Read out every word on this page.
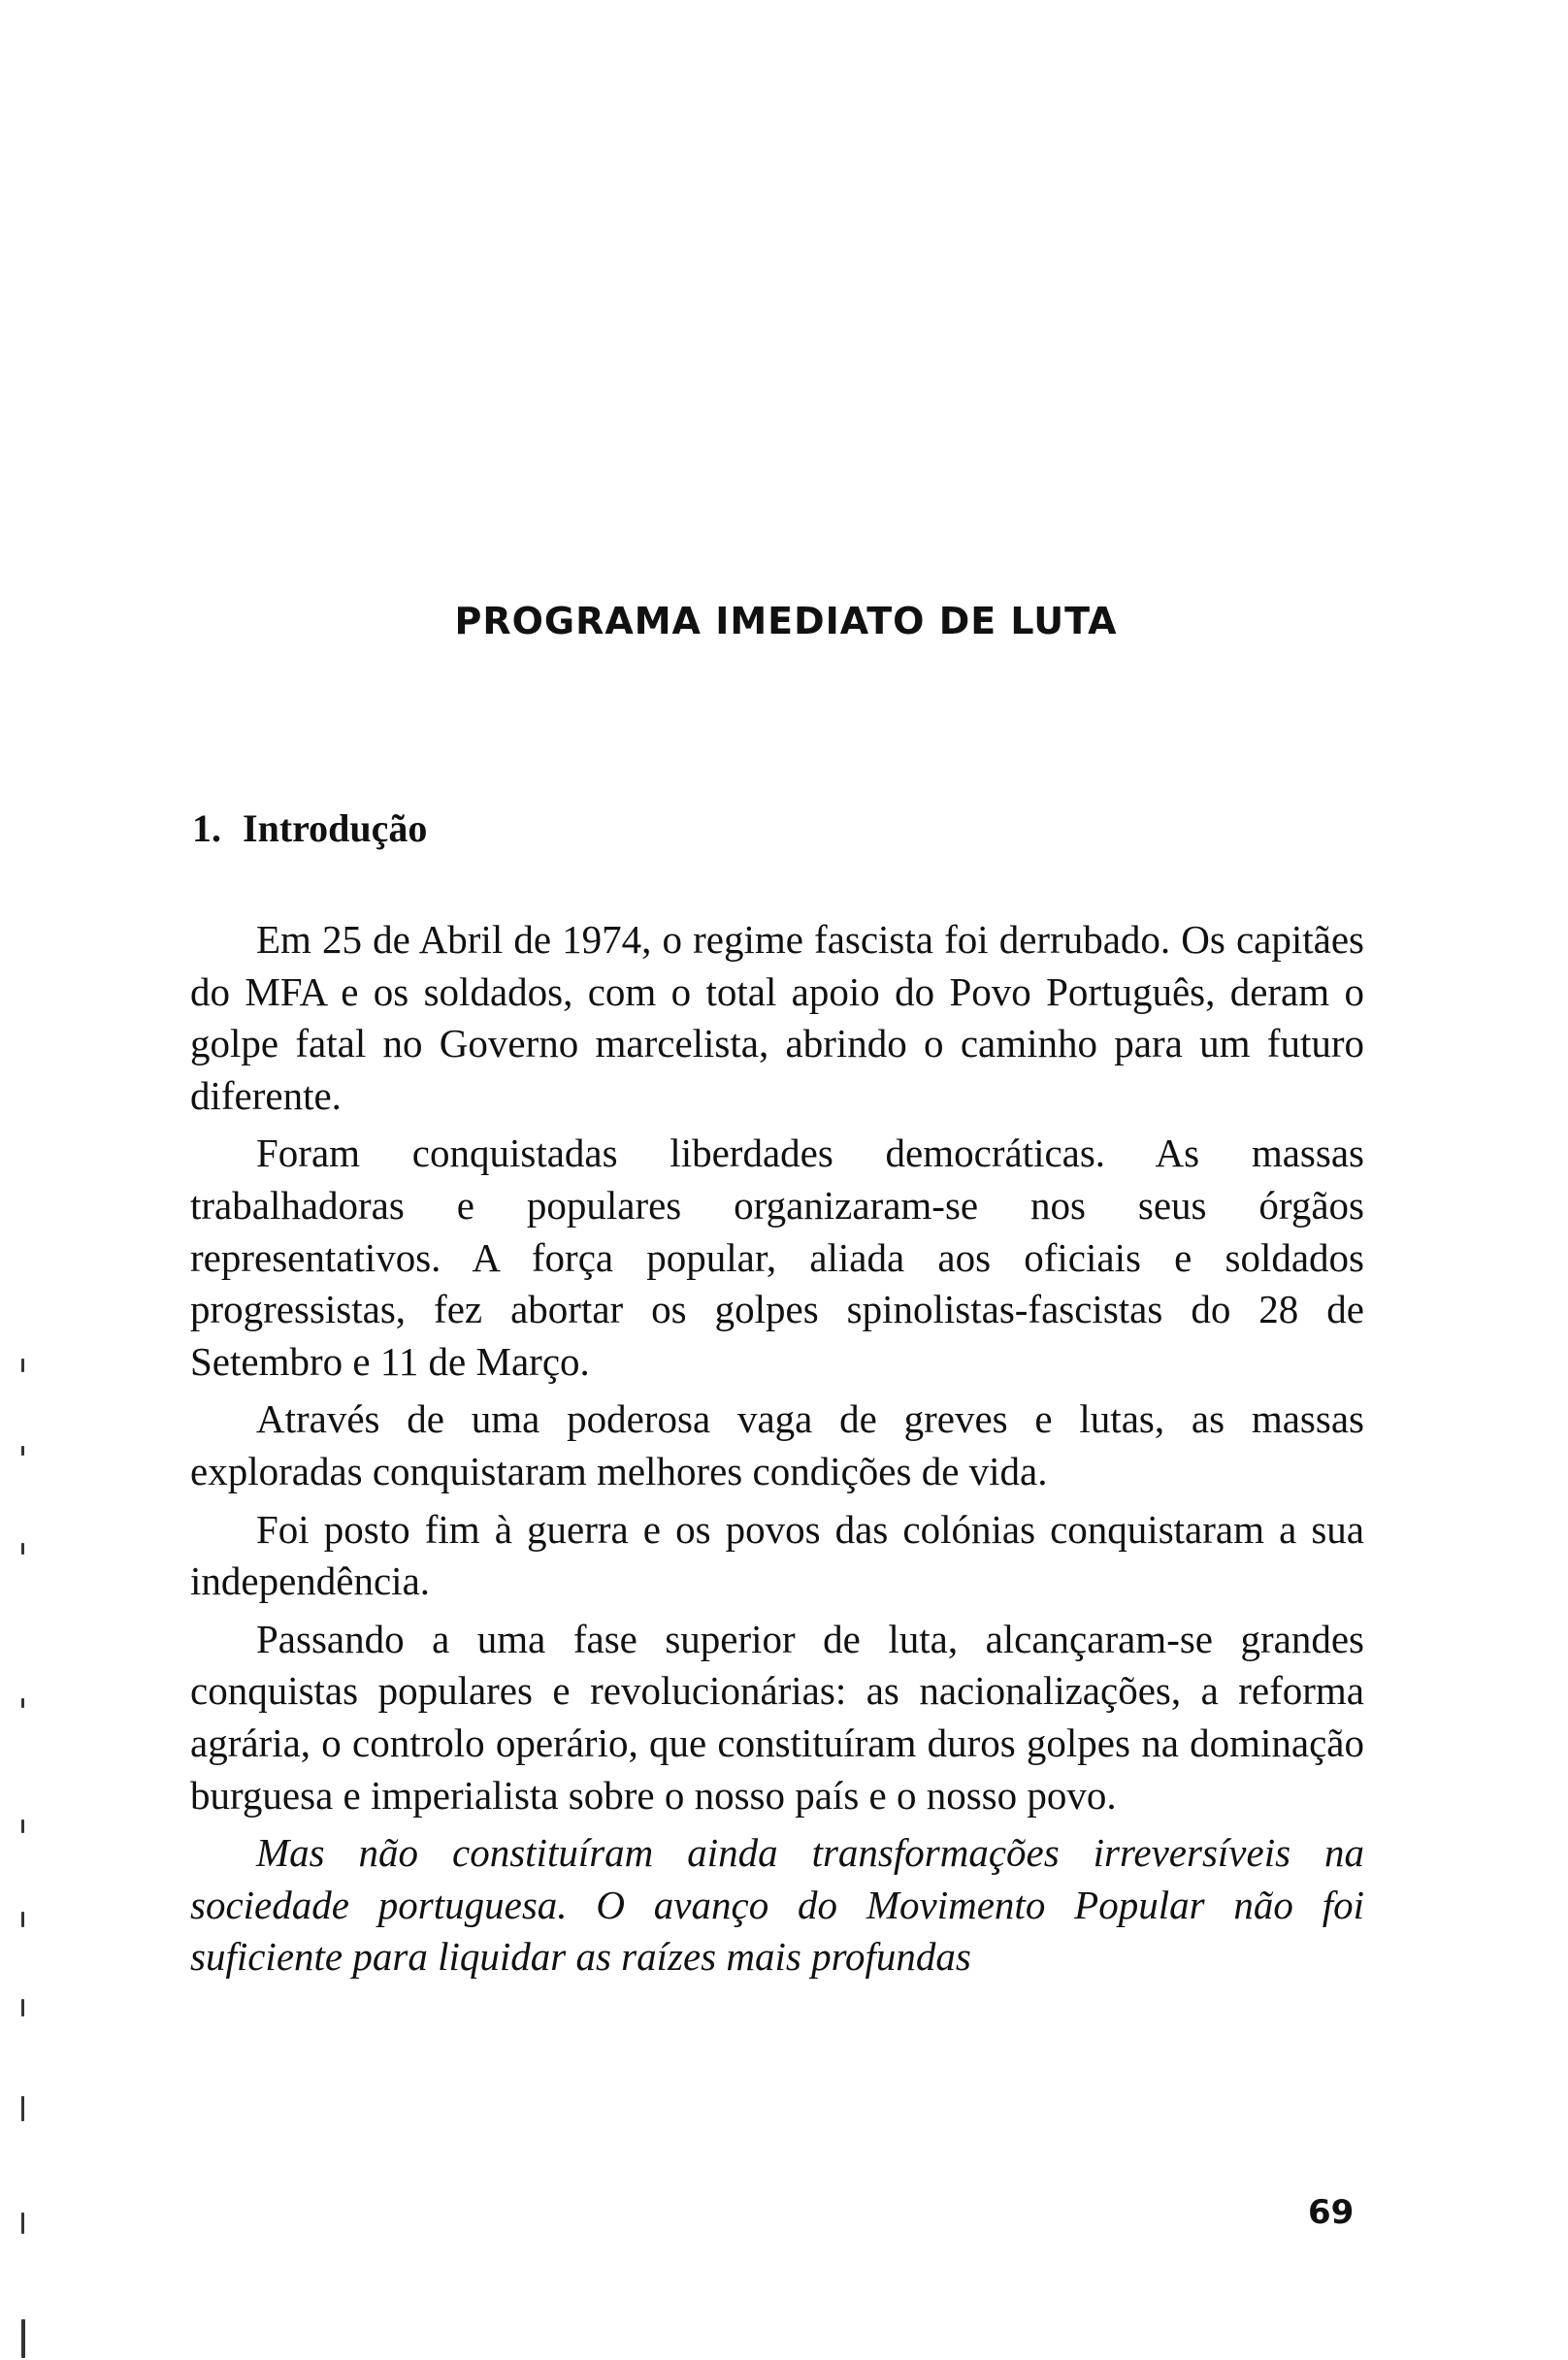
PROGRAMA IMEDIATO DE LUTA
1. Introdução

Em 25 de Abril de 1974, o regime fascista foi derrubado. Os capitães do MFA e os soldados, com o total apoio do Povo Português, deram o golpe fatal no Governo marcelista, abrindo o caminho para um futuro diferente.

Foram conquistadas liberdades democráticas. As massas trabalhadoras e populares organizaram-se nos seus órgãos representativos. A força popular, aliada aos oficiais e soldados progressistas, fez abortar os golpes spinolistas-fascistas do 28 de Setembro e 11 de Março.

Através de uma poderosa vaga de greves e lutas, as massas exploradas conquistaram melhores condições de vida.

Foi posto fim à guerra e os povos das colónias conquistaram a sua independência.

Passando a uma fase superior de luta, alcançaram-se grandes conquistas populares e revolucionárias: as nacionalizações, a reforma agrária, o controlo operário, que constituíram duros golpes na dominação burguesa e imperialista sobre o nosso país e o nosso povo.

Mas não constituíram ainda transformações irreversíveis na sociedade portuguesa. O avanço do Movimento Popular não foi suficiente para liquidar as raízes mais profundas

69
